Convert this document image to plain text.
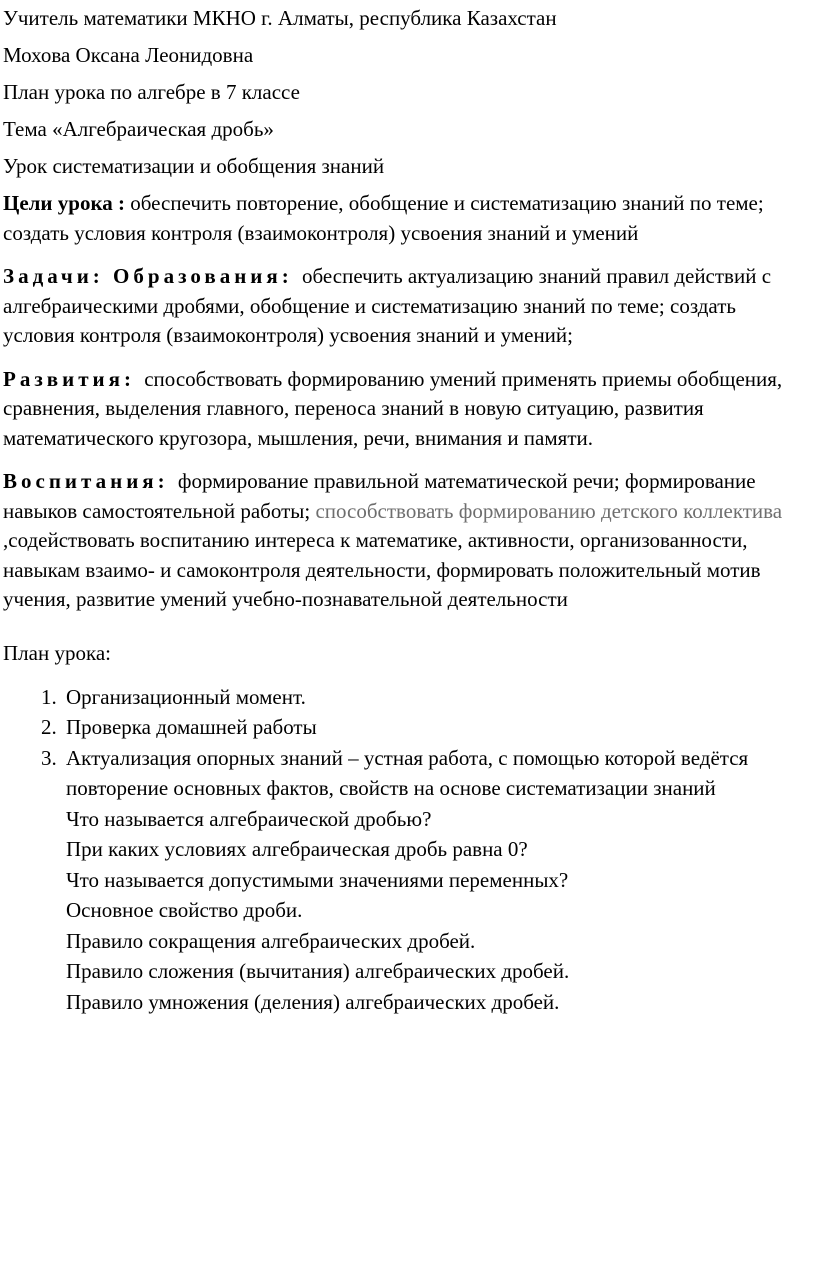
Учитель математики МКНО г. Алматы, республика Казахстан
Мохова Оксана Леонидовна
План урока по алгебре в 7 классе
Тема «Алгебраическая дробь»
Урок систематизации и обобщения знаний
Цели урока : обеспечить повторение, обобщение и систематизацию знаний по теме; создать условия контроля (взаимоконтроля) усвоения знаний и умений
Задачи: Образования: обеспечить актуализацию знаний правил действий с алгебраическими дробями, обобщение и систематизацию знаний по теме; создать условия контроля (взаимоконтроля) усвоения знаний и умений;
Развития: способствовать формированию умений применять приемы обобщения, сравнения, выделения главного, переноса знаний в новую ситуацию, развития математического кругозора, мышления, речи, внимания и памяти.
Воспитания: формирование правильной математической речи; формирование навыков самостоятельной работы; способствовать формированию детского коллектива ,содействовать воспитанию интереса к математике, активности, организованности, навыкам взаимо- и самоконтроля деятельности, формировать положительный мотив учения, развитие умений учебно-познавательной деятельности
План урока:
1. Организационный момент.
2. Проверка домашней работы
3. Актуализация опорных знаний – устная работа, с помощью которой ведётся повторение основных фактов, свойств на основе систематизации знаний
Что называется алгебраической дробью?
При каких условиях алгебраическая дробь равна 0?
Что называется допустимыми значениями переменных?
Основное свойство дроби.
Правило сокращения алгебраических дробей.
Правило сложения (вычитания) алгебраических дробей.
Правило умножения (деления) алгебраических дробей.
